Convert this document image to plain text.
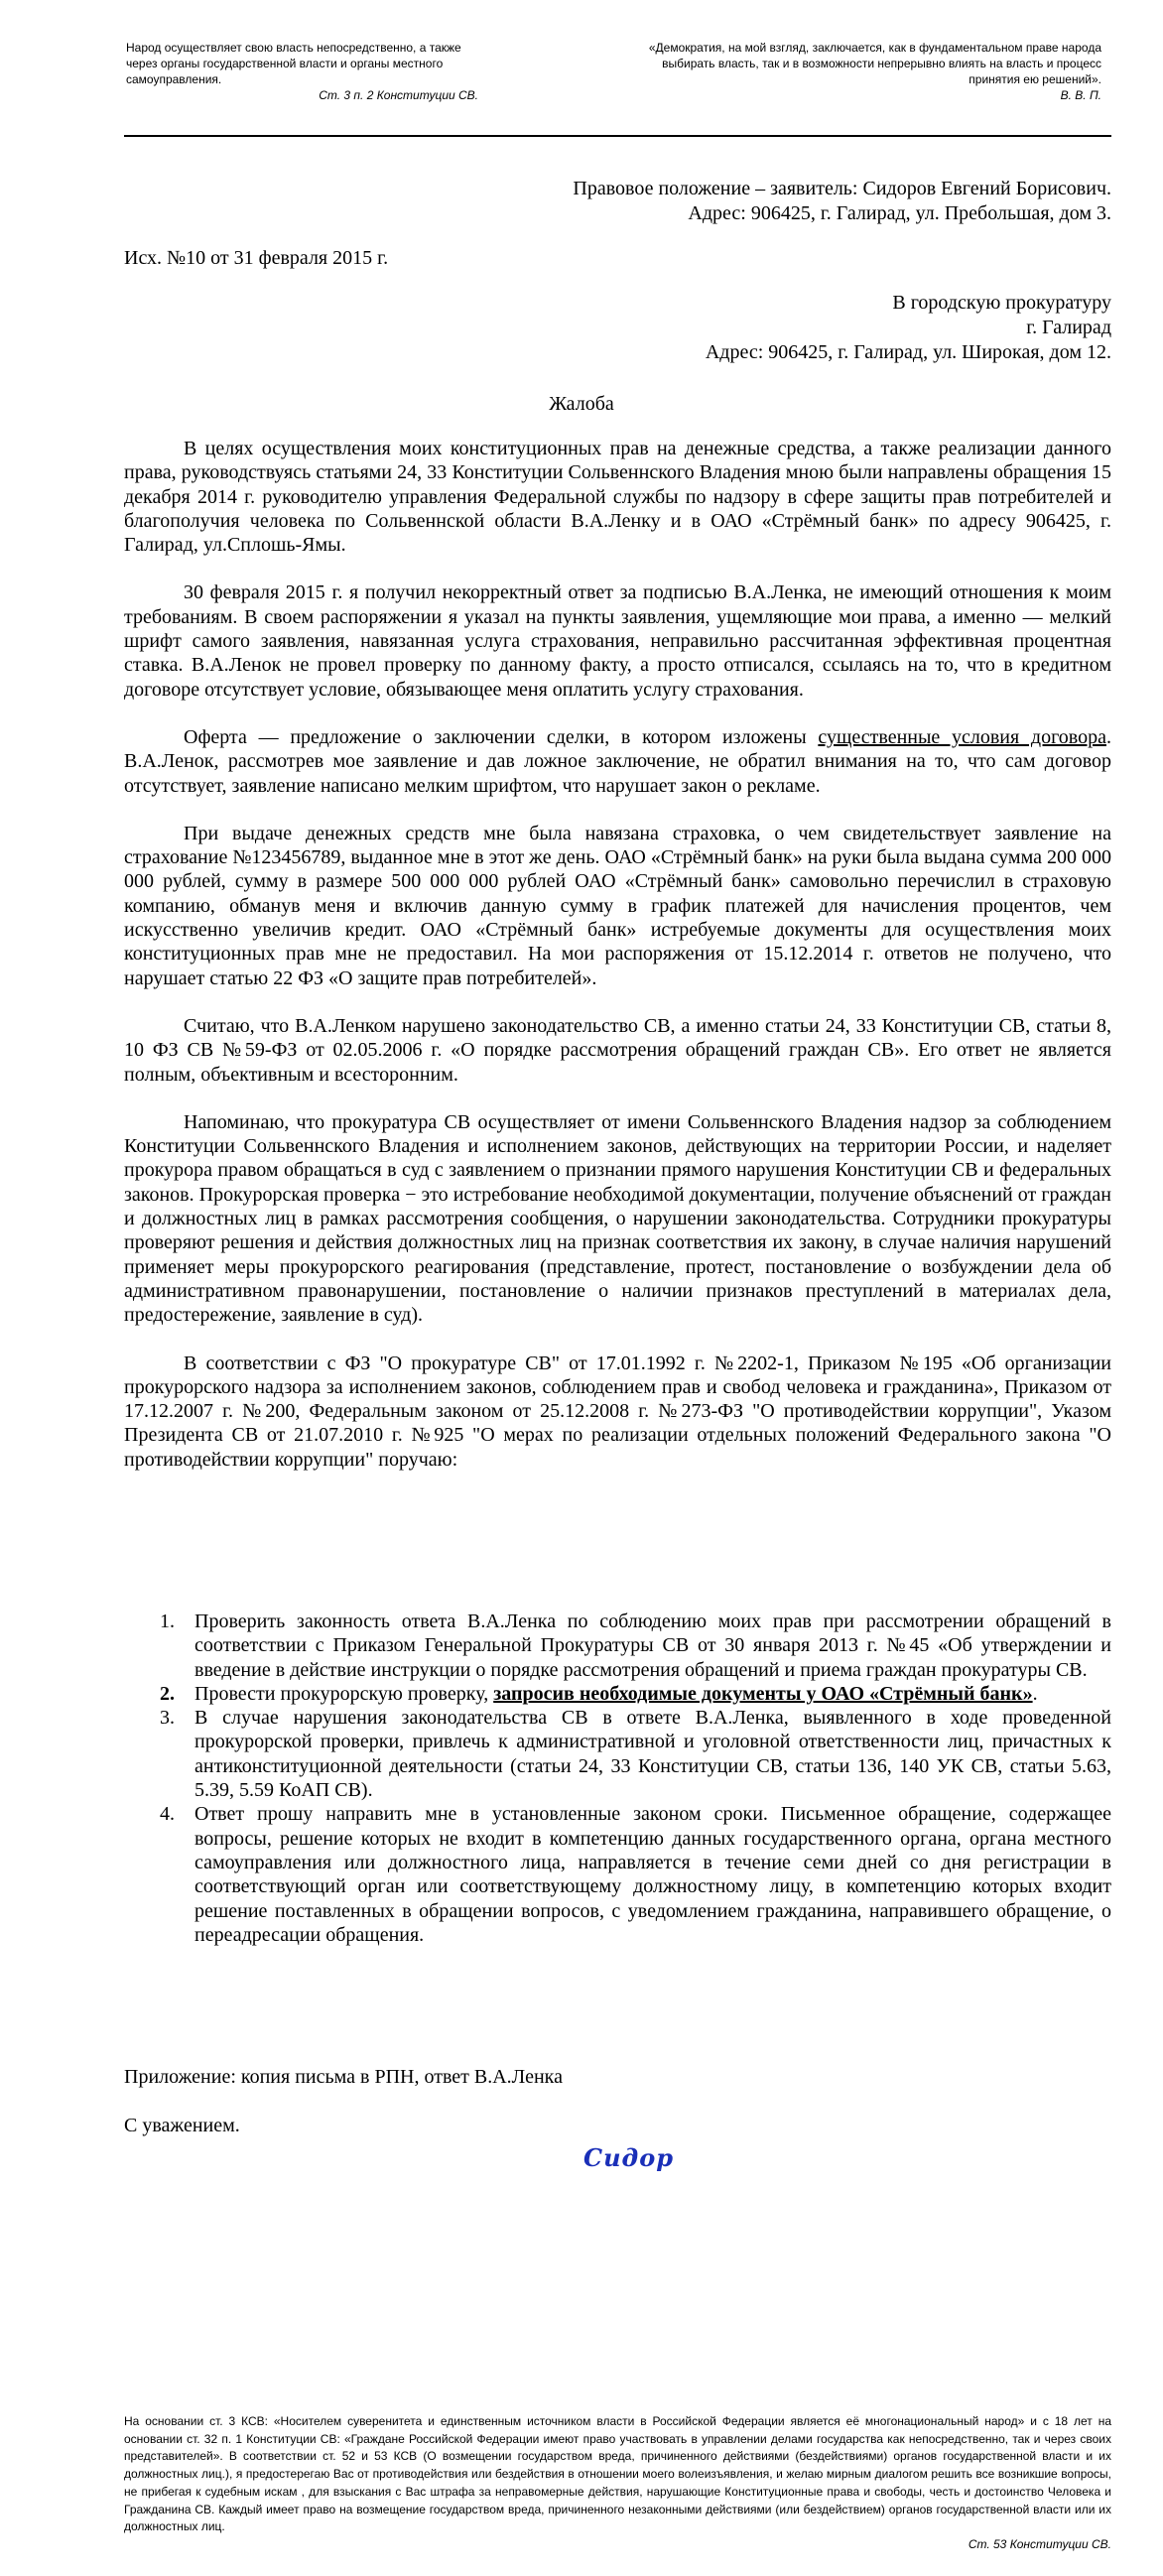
Народ осуществляет свою власть непосредственно, а также через органы государственной власти и органы местного самоуправления.
Ст. 3 п. 2 Конституции СВ.
«Демократия, на мой взгляд, заключается, как в фундаментальном праве народа выбирать власть, так и в возможности непрерывно влиять на власть и процесс принятия ею решений».
В. В. П.
Правовое положение – заявитель: Сидоров Евгений Борисович.
Адрес: 906425, г. Галирад, ул. Пребольшая, дом 3.
Исх. №10 от 31 февраля 2015 г.
В городскую прокуратуру
г. Галирад
Адрес: 906425, г. Галирад, ул. Широкая, дом 12.
Жалоба

В целях осуществления моих конституционных прав на денежные средства, а также реализации данного права, руководствуясь статьями 24, 33 Конституции Сольвеннского Владения мною были направлены обращения 15 декабря 2014 г. руководителю управления Федеральной службы по надзору в сфере защиты прав потребителей и благополучия человека по Сольвеннской области В.А.Ленку и в ОАО «Стрёмный банк» по адресу 906425, г. Галирад, ул.Сплошь-Ямы.

30 февраля 2015 г. я получил некорректный ответ за подписью В.А.Ленка, не имеющий отношения к моим требованиям. В своем распоряжении я указал на пункты заявления, ущемляющие мои права, а именно — мелкий шрифт самого заявления, навязанная услуга страхования, неправильно рассчитанная эффективная процентная ставка. В.А.Ленок не провел проверку по данному факту, а просто отписался, ссылаясь на то, что в кредитном договоре отсутствует условие, обязывающее меня оплатить услугу страхования.

Оферта — предложение о заключении сделки, в котором изложены существенные условия договора. В.А.Ленок, рассмотрев мое заявление и дав ложное заключение, не обратил внимания на то, что сам договор отсутствует, заявление написано мелким шрифтом, что нарушает закон о рекламе.

При выдаче денежных средств мне была навязана страховка, о чем свидетельствует заявление на страхование №123456789, выданное мне в этот же день. ОАО «Стрёмный банк» на руки была выдана сумма 200 000 000 рублей, сумму в размере 500 000 000 рублей ОАО «Стрёмный банк» самовольно перечислил в страховую компанию, обманув меня и включив данную сумму в график платежей для начисления процентов, чем искусственно увеличив кредит. ОАО «Стрёмный банк» истребуемые документы для осуществления моих конституционных прав мне не предоставил. На мои распоряжения от 15.12.2014 г. ответов не получено, что нарушает статью 22 ФЗ «О защите прав потребителей».

Считаю, что В.А.Ленком нарушено законодательство СВ, а именно статьи 24, 33 Конституции СВ, статьи 8, 10 ФЗ СВ №59-ФЗ от 02.05.2006 г. «О порядке рассмотрения обращений граждан СВ». Его ответ не является полным, объективным и всесторонним.

Напоминаю, что прокуратура СВ осуществляет от имени Сольвеннского Владения надзор за соблюдением Конституции Сольвеннского Владения и исполнением законов, действующих на территории России, и наделяет прокурора правом обращаться в суд с заявлением о признании прямого нарушения Конституции СВ и федеральных законов. Прокурорская проверка − это истребование необходимой документации, получение объяснений от граждан и должностных лиц в рамках рассмотрения сообщения, о нарушении законодательства. Сотрудники прокуратуры проверяют решения и действия должностных лиц на признак соответствия их закону, в случае наличия нарушений применяет меры прокурорского реагирования (представление, протест, постановление о возбуждении дела об административном правонарушении, постановление о наличии признаков преступлений в материалах дела, предостережение, заявление в суд).

В соответствии с ФЗ "О прокуратуре СВ" от 17.01.1992 г. №2202-1, Приказом №195 «Об организации прокурорского надзора за исполнением законов, соблюдением прав и свобод человека и гражданина», Приказом от 17.12.2007 г. №200, Федеральным законом от 25.12.2008 г. №273-ФЗ "О противодействии коррупции", Указом Президента СВ от 21.07.2010 г. №925 "О мерах по реализации отдельных положений Федерального закона "О противодействии коррупции" поручаю:

1. Проверить законность ответа В.А.Ленка по соблюдению моих прав при рассмотрении обращений в соответствии с Приказом Генеральной Прокуратуры СВ от 30 января 2013 г. №45 «Об утверждении и введение в действие инструкции о порядке рассмотрения обращений и приема граждан прокуратуры СВ.
2. Провести прокурорскую проверку, запросив необходимые документы у ОАО «Стрёмный банк».
3. В случае нарушения законодательства СВ в ответе В.А.Ленка, выявленного в ходе проведенной прокурорской проверки, привлечь к административной и уголовной ответственности лиц, причастных к антиконституционной деятельности (статьи 24, 33 Конституции СВ, статьи 136, 140 УК СВ, статьи 5.63, 5.39, 5.59 КоАП СВ).
4. Ответ прошу направить мне в установленные законом сроки. Письменное обращение, содержащее вопросы, решение которых не входит в компетенцию данных государственного органа, органа местного самоуправления или должностного лица, направляется в течение семи дней со дня регистрации в соответствующий орган или соответствующему должностному лицу, в компетенцию которых входит решение поставленных в обращении вопросов, с уведомлением гражданина, направившего обращение, о переадресации обращения.
Приложение: копия письма в РПН, ответ В.А.Ленка
С уважением.
Сидор
На основании ст. 3 КСВ: «Носителем суверенитета и единственным источником власти в Российской Федерации является её многонациональный народ» и с 18 лет на основании ст. 32 п. 1 Конституции СВ: «Граждане Российской Федерации имеют право участвовать в управлении делами государства как непосредственно, так и через своих представителей». В соответствии ст. 52 и 53 КСВ (О возмещении государством вреда, причиненного действиями (бездействиями) органов государственной власти и их должностных лиц.), я предостерегаю Вас от противодействия или бездействия в отношении моего волеизъявления, и желаю мирным диалогом решить все возникшие вопросы, не прибегая к судебным искам , для взыскания с Вас штрафа за неправомерные действия, нарушающие Конституционные права и свободы, честь и достоинство Человека и Гражданина СВ. Каждый имеет право на возмещение государством вреда, причиненного незаконными действиями (или бездействием) органов государственной власти или их должностных лиц.
Ст. 53 Конституции СВ.
